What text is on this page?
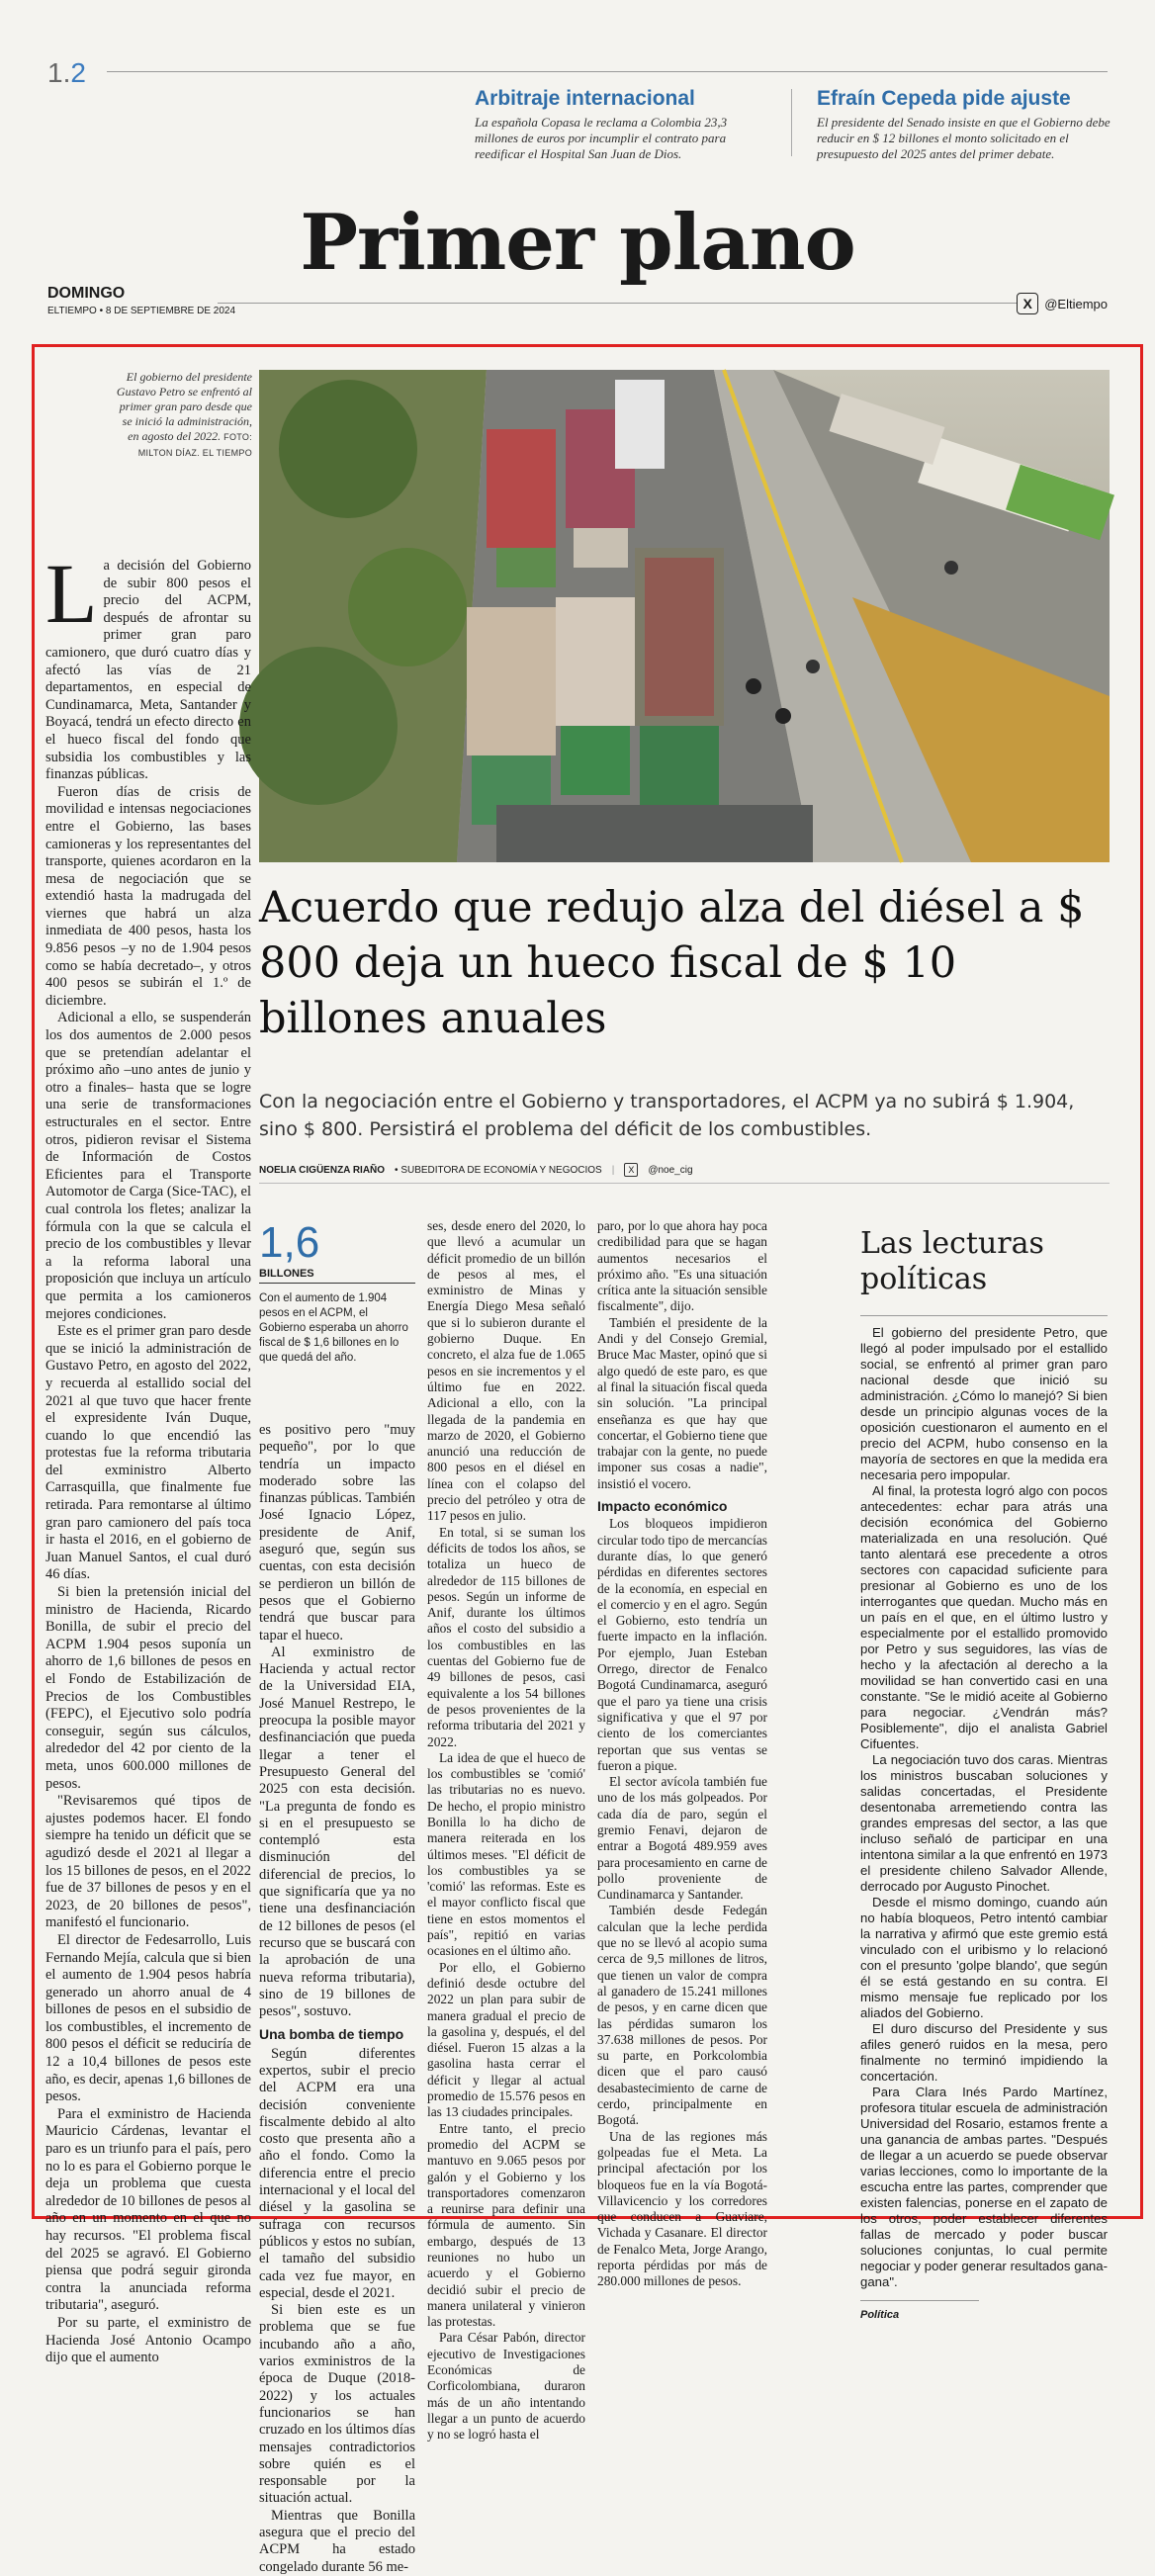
1.2
Arbitraje internacional

La española Copasa le reclama a Colombia 23,3 millones de euros por incumplir el contrato para reedificar el Hospital San Juan de Dios.

Efraín Cepeda pide ajuste

El presidente del Senado insiste en que el Gobierno debe reducir en $ 12 billones el monto solicitado en el presupuesto del 2025 antes del primer debate.

Primer plano
DOMINGO
ELTIEMPO • 8 DE SEPTIEMBRE DE 2024	X @Eltiempo
El gobierno del presidente Gustavo Petro se enfrentó al primer gran paro desde que se inició la administración, en agosto del 2022. FOTO: MILTON DÍAZ. EL TIEMPO

La decisión del Gobierno de subir 800 pesos el precio del ACPM, después de afrontar su primer gran paro camionero, que duró cuatro días y afectó las vías de 21 departamentos, en especial de Cundinamarca, Meta, Santander y Boyacá, tendrá un efecto directo en el hueco fiscal del fondo que subsidia los combustibles y las finanzas públicas.

Fueron días de crisis de movilidad e intensas negociaciones entre el Gobierno, las bases camioneras y los representantes del transporte, quienes acordaron en la mesa de negociación que se extendió hasta la madrugada del viernes que habrá un alza inmediata de 400 pesos, hasta los 9.856 pesos –y no de 1.904 pesos como se había decretado–, y otros 400 pesos se subirán el 1.º de diciembre.

Adicional a ello, se suspenderán los dos aumentos de 2.000 pesos que se pretendían adelantar el próximo año –uno antes de junio y otro a finales– hasta que se logre una serie de transformaciones estructurales en el sector. Entre otros, pidieron revisar el Sistema de Información de Costos Eficientes para el Transporte Automotor de Carga (Sice-TAC), el cual controla los fletes; analizar la fórmula con la que se calcula el precio de los combustibles y llevar a la reforma laboral una proposición que incluya un artículo que permita a los camioneros mejores condiciones.

Este es el primer gran paro desde que se inició la administración de Gustavo Petro, en agosto del 2022, y recuerda al estallido social del 2021 al que tuvo que hacer frente el expresidente Iván Duque, cuando lo que encendió las protestas fue la reforma tributaria del exministro Alberto Carrasquilla, que finalmente fue retirada. Para remontarse al último gran paro camionero del país toca ir hasta el 2016, en el gobierno de Juan Manuel Santos, el cual duró 46 días.

Si bien la pretensión inicial del ministro de Hacienda, Ricardo Bonilla, de subir el precio del ACPM 1.904 pesos suponía un ahorro de 1,6 billones de pesos en el Fondo de Estabilización de Precios de los Combustibles (FEPC), el Ejecutivo solo podría conseguir, según sus cálculos, alrededor del 42 por ciento de la meta, unos 600.000 millones de pesos.

"Revisaremos qué tipos de ajustes podemos hacer. El fondo siempre ha tenido un déficit que se agudizó desde el 2021 al llegar a los 15 billones de pesos, en el 2022 fue de 37 billones de pesos y en el 2023, de 20 billones de pesos", manifestó el funcionario.

El director de Fedesarrollo, Luis Fernando Mejía, calcula que si bien el aumento de 1.904 pesos habría generado un ahorro anual de 4 billones de pesos en el subsidio de los combustibles, el incremento de 800 pesos el déficit se reduciría de 12 a 10,4 billones de pesos este año, es decir, apenas 1,6 billones de pesos.

Para el exministro de Hacienda Mauricio Cárdenas, levantar el paro es un triunfo para el país, pero no lo es para el Gobierno porque le deja un problema que cuesta alrededor de 10 billones de pesos al año en un momento en el que no hay recursos. "El problema fiscal del 2025 se agravó. El Gobierno piensa que podrá seguir gironda contra la anunciada reforma tributaria", aseguró.

Por su parte, el exministro de Hacienda José Antonio Ocampo dijo que el aumento

Acuerdo que redujo alza del diésel a $ 800 deja un hueco fiscal de $ 10 billones anuales
Con la negociación entre el Gobierno y transportadores, el ACPM ya no subirá $ 1.904, sino $ 800. Persistirá el problema del déficit de los combustibles.
NOELIA CIGÜENZA RIAÑO • SUBEDITORA DE ECONOMÍA Y NEGOCIOS |	X	@noe_cig
1,6
BILLONES
Con el aumento de 1.904 pesos en el ACPM, el Gobierno esperaba un ahorro fiscal de $ 1,6 billones en lo que quedá del año.

es positivo pero "muy pequeño", por lo que tendría un impacto moderado sobre las finanzas públicas. También José Ignacio López, presidente de Anif, aseguró que, según sus cuentas, con esta decisión se perdieron un billón de pesos que el Gobierno tendrá que buscar para tapar el hueco.

Al exministro de Hacienda y actual rector de la Universidad EIA, José Manuel Restrepo, le preocupa la posible mayor desfinanciación que pueda llegar a tener el Presupuesto General del 2025 con esta decisión. "La pregunta de fondo es si en el presupuesto se contempló esta disminución del diferencial de precios, lo que significaría que ya no tiene una desfinanciación de 12 billones de pesos (el recurso que se buscará con la aprobación de una nueva reforma tributaria), sino de 19 billones de pesos", sostuvo.

Una bomba de tiempo

Según diferentes expertos, subir el precio del ACPM era una decisión conveniente fiscalmente debido al alto costo que presenta año a año el fondo. Como la diferencia entre el precio internacional y el local del diésel y la gasolina se sufraga con recursos públicos y estos no subían, el tamaño del subsidio cada vez fue mayor, en especial, desde el 2021.

Si bien este es un problema que se fue incubando año a año, varios exministros de la época de Duque (2018-2022) y los actuales funcionarios se han cruzado en los últimos días mensajes contradictorios sobre quién es el responsable por la situación actual.

Mientras que Bonilla asegura que el precio del ACPM ha estado congelado durante 56 me-

ses, desde enero del 2020, lo que llevó a acumular un déficit promedio de un billón de pesos al mes, el exministro de Minas y Energía Diego Mesa señaló que si lo subieron durante el gobierno Duque. En concreto, el alza fue de 1.065 pesos en sie incrementos y el último fue en 2022. Adicional a ello, con la llegada de la pandemia en marzo de 2020, el Gobierno anunció una reducción de 800 pesos en el diésel en línea con el colapso del precio del petróleo y otra de 117 pesos en julio.

En total, si se suman los déficits de todos los años, se totaliza un hueco de alrededor de 115 billones de pesos. Según un informe de Anif, durante los últimos años el costo del subsidio a los combustibles en las cuentas del Gobierno fue de 49 billones de pesos, casi equivalente a los 54 billones de pesos provenientes de la reforma tributaria del 2021 y 2022.

La idea de que el hueco de los combustibles se 'comió' las tributarias no es nuevo. De hecho, el propio ministro Bonilla lo ha dicho de manera reiterada en los últimos meses. "El déficit de los combustibles ya se 'comió' las reformas. Este es el mayor conflicto fiscal que tiene en estos momentos el país", repitió en varias ocasiones en el último año.

Por ello, el Gobierno definió desde octubre del 2022 un plan para subir de manera gradual el precio de la gasolina y, después, el del diésel. Fueron 15 alzas a la gasolina hasta cerrar el déficit y llegar al actual promedio de 15.576 pesos en las 13 ciudades principales.

Entre tanto, el precio promedio del ACPM se mantuvo en 9.065 pesos por galón y el Gobierno y los transportadores comenzaron a reunirse para definir una fórmula de aumento. Sin embargo, después de 13 reuniones no hubo un acuerdo y el Gobierno decidió subir el precio de manera unilateral y vinieron las protestas.

Para César Pabón, director ejecutivo de Investigaciones Económicas de Corficolombiana, duraron más de un año intentando llegar a un punto de acuerdo y no se logró hasta el

paro, por lo que ahora hay poca credibilidad para que se hagan aumentos necesarios el próximo año. "Es una situación crítica ante la situación sensible fiscalmente", dijo.

También el presidente de la Andi y del Consejo Gremial, Bruce Mac Master, opinó que si algo quedó de este paro, es que al final la situación fiscal queda sin solución. "La principal enseñanza es que hay que concertar, el Gobierno tiene que trabajar con la gente, no puede imponer sus cosas a nadie", insistió el vocero.

Impacto económico

Los bloqueos impidieron circular todo tipo de mercancías durante días, lo que generó pérdidas en diferentes sectores de la economía, en especial en el comercio y en el agro. Según el Gobierno, esto tendría un fuerte impacto en la inflación. Por ejemplo, Juan Esteban Orrego, director de Fenalco Bogotá Cundinamarca, aseguró que el paro ya tiene una crisis significativa y que el 97 por ciento de los comerciantes reportan que sus ventas se fueron a pique.

El sector avícola también fue uno de los más golpeados. Por cada día de paro, según el gremio Fenavi, dejaron de entrar a Bogotá 489.959 aves para procesamiento en carne de pollo proveniente de Cundinamarca y Santander.

También desde Fedegán calculan que la leche perdida que no se llevó al acopio suma cerca de 9,5 millones de litros, que tienen un valor de compra al ganadero de 15.241 millones de pesos, y en carne dicen que las pérdidas sumaron los 37.638 millones de pesos. Por su parte, en Porkcolombia dicen que el paro causó desabastecimiento de carne de cerdo, principalmente en Bogotá.

Una de las regiones más golpeadas fue el Meta. La principal afectación por los bloqueos fue en la vía Bogotá-Villavicencio y los corredores que conducen a Guaviare, Vichada y Casanare. El director de Fenalco Meta, Jorge Arango, reporta pérdidas por más de 280.000 millones de pesos.

Las lecturas políticas

El gobierno del presidente Petro, que llegó al poder impulsado por el estallido social, se enfrentó al primer gran paro nacional desde que inició su administración. ¿Cómo lo manejó? Si bien desde un principio algunas voces de la oposición cuestionaron el aumento en el precio del ACPM, hubo consenso en la mayoría de sectores en que la medida era necesaria pero impopular.

Al final, la protesta logró algo con pocos antecedentes: echar para atrás una decisión económica del Gobierno materializada en una resolución. Qué tanto alentará ese precedente a otros sectores con capacidad suficiente para presionar al Gobierno es uno de los interrogantes que quedan. Mucho más en un país en el que, en el último lustro y especialmente por el estallido promovido por Petro y sus seguidores, las vías de hecho y la afectación al derecho a la movilidad se han convertido casi en una constante. "Se le midió aceite al Gobierno para negociar. ¿Vendrán más? Posiblemente", dijo el analista Gabriel Cifuentes.

La negociación tuvo dos caras. Mientras los ministros buscaban soluciones y salidas concertadas, el Presidente desentonaba arremetiendo contra las grandes empresas del sector, a las que incluso señaló de participar en una intentona similar a la que enfrentó en 1973 el presidente chileno Salvador Allende, derrocado por Augusto Pinochet.

Desde el mismo domingo, cuando aún no había bloqueos, Petro intentó cambiar la narrativa y afirmó que este gremio está vinculado con el uribismo y lo relacionó con el presunto 'golpe blando', que según él se está gestando en su contra. El mismo mensaje fue replicado por los aliados del Gobierno.

El duro discurso del Presidente y sus afiles generó ruidos en la mesa, pero finalmente no terminó impidiendo la concertación.

Para Clara Inés Pardo Martínez, profesora titular escuela de administración Universidad del Rosario, estamos frente a una ganancia de ambas partes. "Después de llegar a un acuerdo se puede observar varias lecciones, como lo importante de la escucha entre las partes, comprender que existen falencias, ponerse en el zapato de los otros, poder establecer diferentes fallas de mercado y poder buscar soluciones conjuntas, lo cual permite negociar y poder generar resultados gana-gana".

Política
